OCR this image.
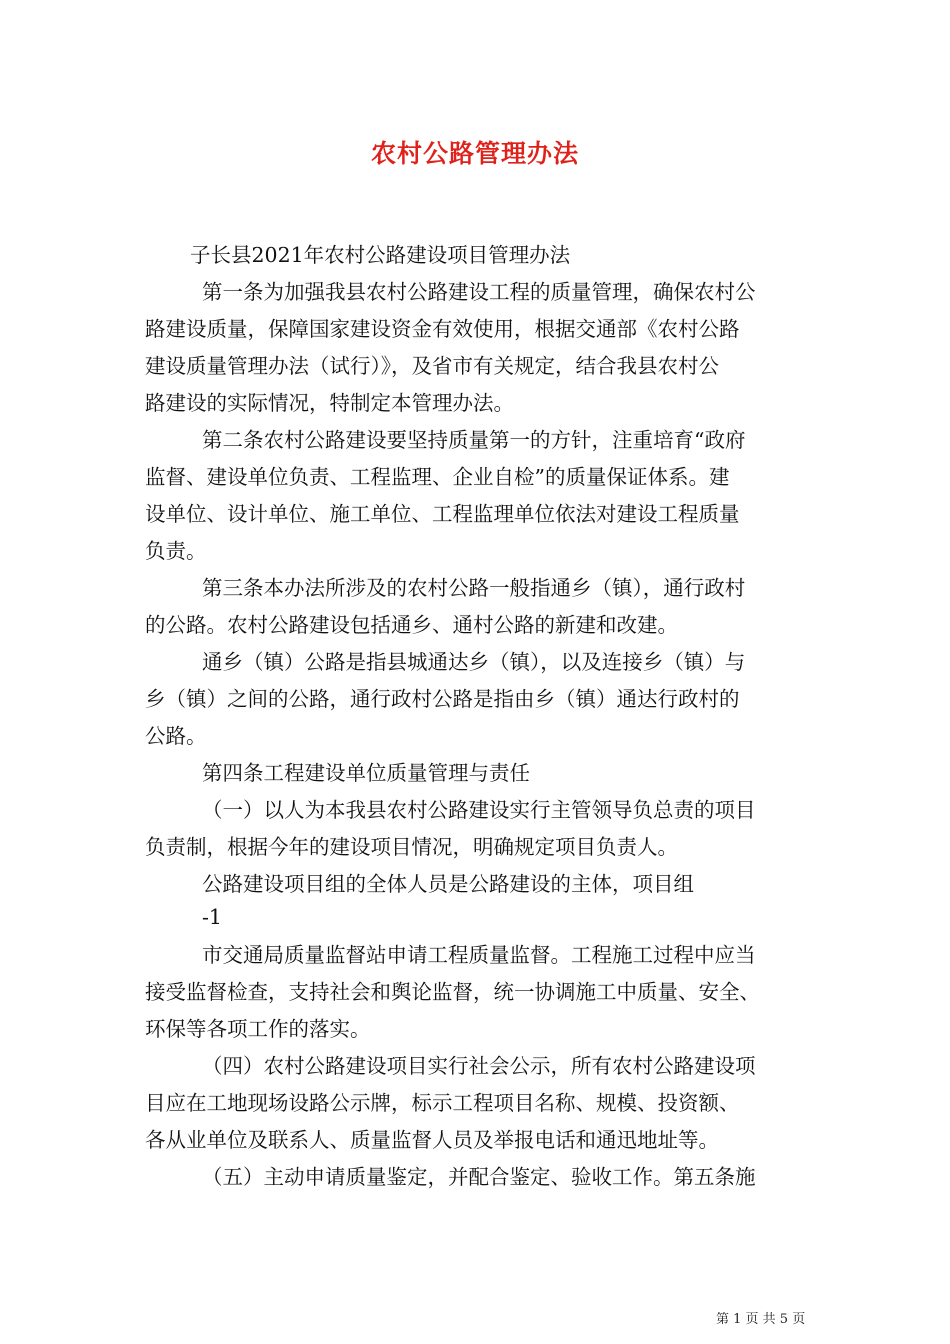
农村公路管理办法
子长县2021年农村公路建设项目管理办法
第一条为加强我县农村公路建设工程的质量管理，确保农村公
路建设质量，保障国家建设资金有效使用，根据交通部《农村公路
建设质量管理办法（试行）》，及省市有关规定，结合我县农村公
路建设的实际情况，特制定本管理办法。
第二条农村公路建设要坚持质量第一的方针，注重培育“政府
监督、建设单位负责、工程监理、企业自检”的质量保证体系。建
设单位、设计单位、施工单位、工程监理单位依法对建设工程质量
负责。
第三条本办法所涉及的农村公路一般指通乡（镇），通行政村
的公路。农村公路建设包括通乡、通村公路的新建和改建。
通乡（镇）公路是指县城通达乡（镇），以及连接乡（镇）与
乡（镇）之间的公路，通行政村公路是指由乡（镇）通达行政村的
公路。
第四条工程建设单位质量管理与责任
（一）以人为本我县农村公路建设实行主管领导负总责的项目
负责制，根据今年的建设项目情况，明确规定项目负责人。
公路建设项目组的全体人员是公路建设的主体，项目组
-1
市交通局质量监督站申请工程质量监督。工程施工过程中应当
接受监督检查，支持社会和舆论监督，统一协调施工中质量、安全、
环保等各项工作的落实。
（四）农村公路建设项目实行社会公示，所有农村公路建设项
目应在工地现场设路公示牌，标示工程项目名称、规模、投资额、
各从业单位及联系人、质量监督人员及举报电话和通迅地址等。
（五）主动申请质量鉴定，并配合鉴定、验收工作。第五条施
第 1 页 共 5 页
